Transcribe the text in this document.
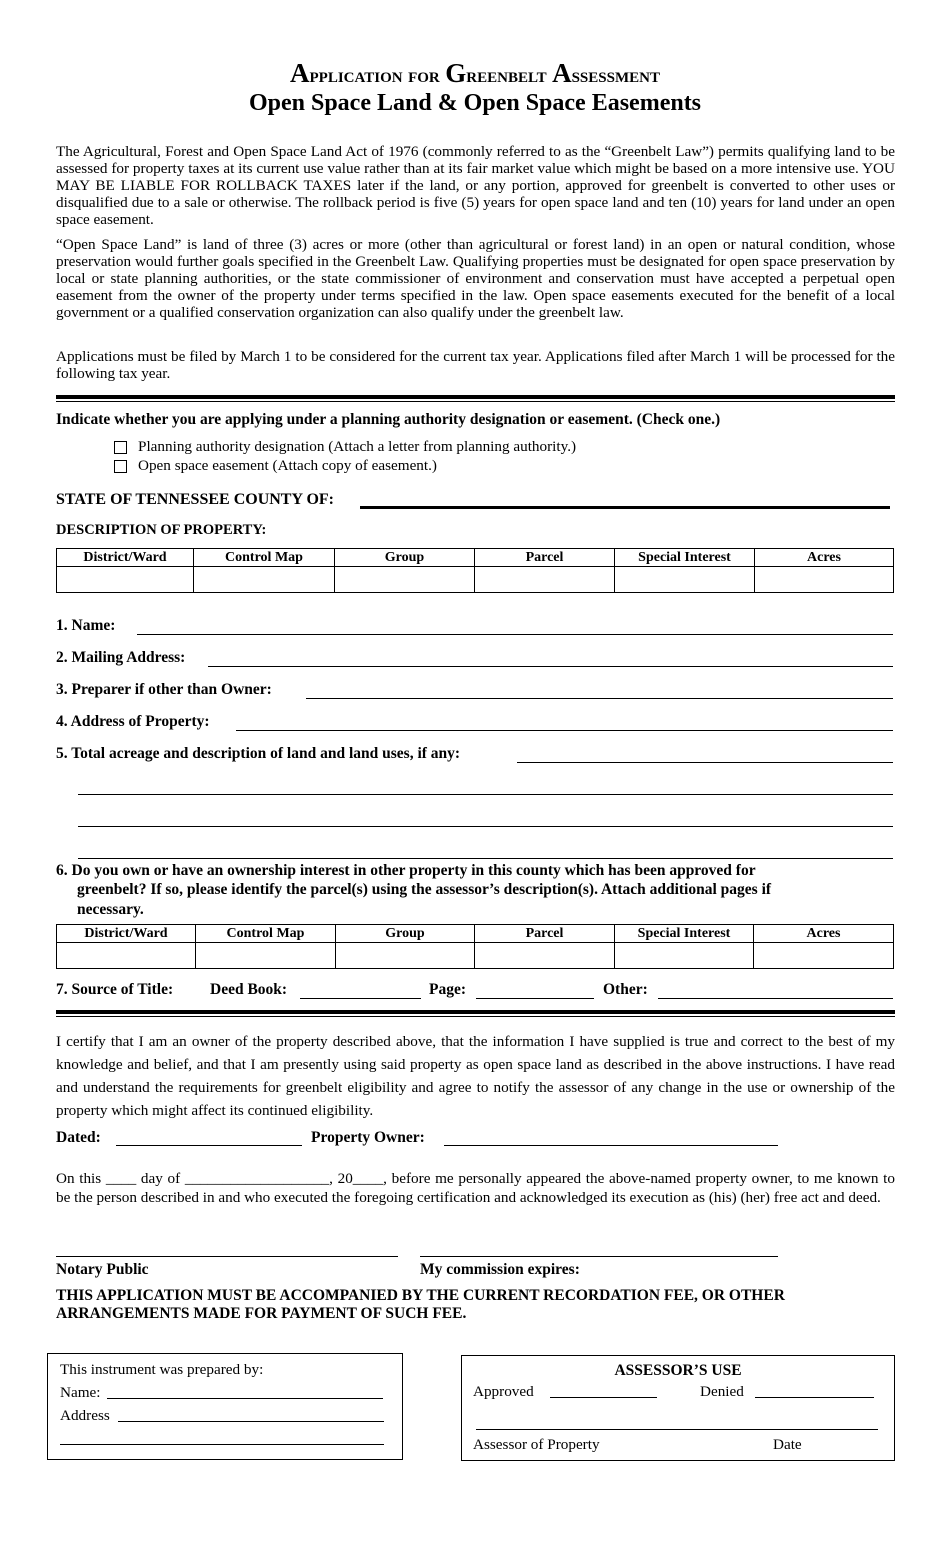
Application for Greenbelt Assessment
Open Space Land & Open Space Easements
The Agricultural, Forest and Open Space Land Act of 1976 (commonly referred to as the “Greenbelt Law”) permits qualifying land to be assessed for property taxes at its current use value rather than at its fair market value which might be based on a more intensive use. YOU MAY BE LIABLE FOR ROLLBACK TAXES later if the land, or any portion, approved for greenbelt is converted to other uses or disqualified due to a sale or otherwise. The rollback period is five (5) years for open space land and ten (10) years for land under an open space easement.
“Open Space Land” is land of three (3) acres or more (other than agricultural or forest land) in an open or natural condition, whose preservation would further goals specified in the Greenbelt Law. Qualifying properties must be designated for open space preservation by local or state planning authorities, or the state commissioner of environment and conservation must have accepted a perpetual open easement from the owner of the property under terms specified in the law. Open space easements executed for the benefit of a local government or a qualified conservation organization can also qualify under the greenbelt law.
Applications must be filed by March 1 to be considered for the current tax year. Applications filed after March 1 will be processed for the following tax year.
Indicate whether you are applying under a planning authority designation or easement. (Check one.)
Planning authority designation (Attach a letter from planning authority.)
Open space easement (Attach copy of easement.)
STATE OF TENNESSEE COUNTY OF:
DESCRIPTION OF PROPERTY:
District/Ward	Control Map	Group	Parcel	Special Interest	Acres

1. Name:
2. Mailing Address:
3. Preparer if other than Owner:
4. Address of Property:
5. Total acreage and description of land and land uses, if any:
6. Do you own or have an ownership interest in other property in this county which has been approved for
greenbelt? If so, please identify the parcel(s) using the assessor’s description(s). Attach additional pages if
necessary.
District/Ward	Control Map	Group	Parcel	Special Interest	Acres

7. Source of Title: Deed Book:	Page:	Other:
I certify that I am an owner of the property described above, that the information I have supplied is true and correct to the best of my knowledge and belief, and that I am presently using said property as open space land as described in the above instructions. I have read and understand the requirements for greenbelt eligibility and agree to notify the assessor of any change in the use or ownership of the property which might affect its continued eligibility.
Dated:	Property Owner:
On this ____ day of ___________________, 20____, before me personally appeared the above-named property owner, to me known to be the person described in and who executed the foregoing certification and acknowledged its execution as (his) (her) free act and deed.
Notary Public	My commission expires:
THIS APPLICATION MUST BE ACCOMPANIED BY THE CURRENT RECORDATION FEE, OR OTHER ARRANGEMENTS MADE FOR PAYMENT OF SUCH FEE.
This instrument was prepared by:
Name:
Address
ASSESSOR’S USE
Approved	Denied
Assessor of Property	Date
